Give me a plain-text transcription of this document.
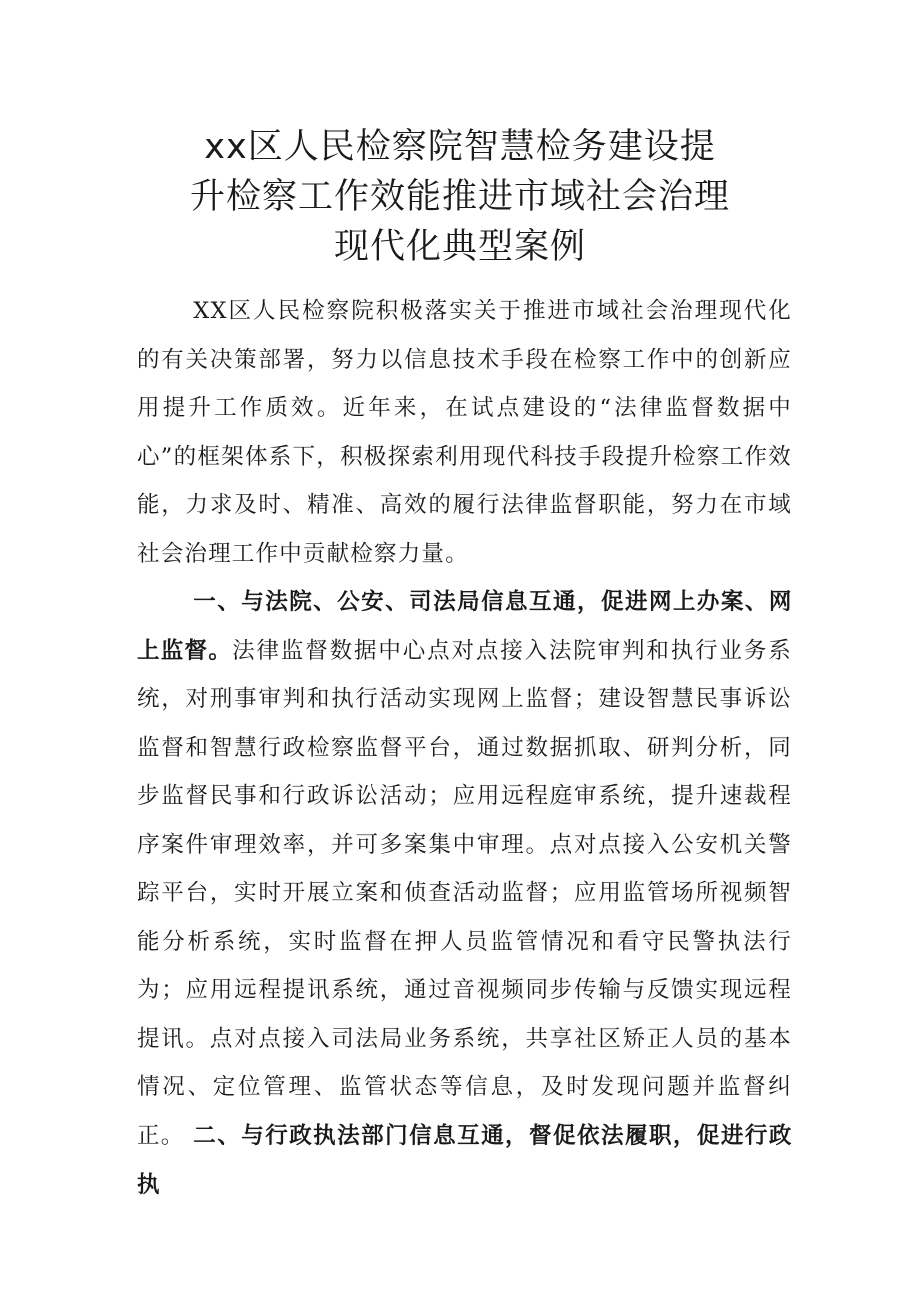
xx区人民检察院智慧检务建设提
升检察工作效能推进市域社会治理
现代化典型案例

XX区人民检察院积极落实关于推进市域社会治理现代化的有关决策部署，努力以信息技术手段在检察工作中的创新应用提升工作质效。近年来，在试点建设的“法律监督数据中心”的框架体系下，积极探索利用现代科技手段提升检察工作效能，力求及时、精准、高效的履行法律监督职能，努力在市域社会治理工作中贡献检察力量。

一、与法院、公安、司法局信息互通，促进网上办案、网上监督。法律监督数据中心点对点接入法院审判和执行业务系统，对刑事审判和执行活动实现网上监督；建设智慧民事诉讼监督和智慧行政检察监督平台，通过数据抓取、研判分析，同步监督民事和行政诉讼活动；应用远程庭审系统，提升速裁程序案件审理效率，并可多案集中审理。点对点接入公安机关警踪平台，实时开展立案和侦查活动监督；应用监管场所视频智能分析系统，实时监督在押人员监管情况和看守民警执法行为；应用远程提讯系统，通过音视频同步传输与反馈实现远程提讯。点对点接入司法局业务系统，共享社区矫正人员的基本情况、定位管理、监管状态等信息，及时发现问题并监督纠正。 二、与行政执法部门信息互通，督促依法履职，促进行政执
